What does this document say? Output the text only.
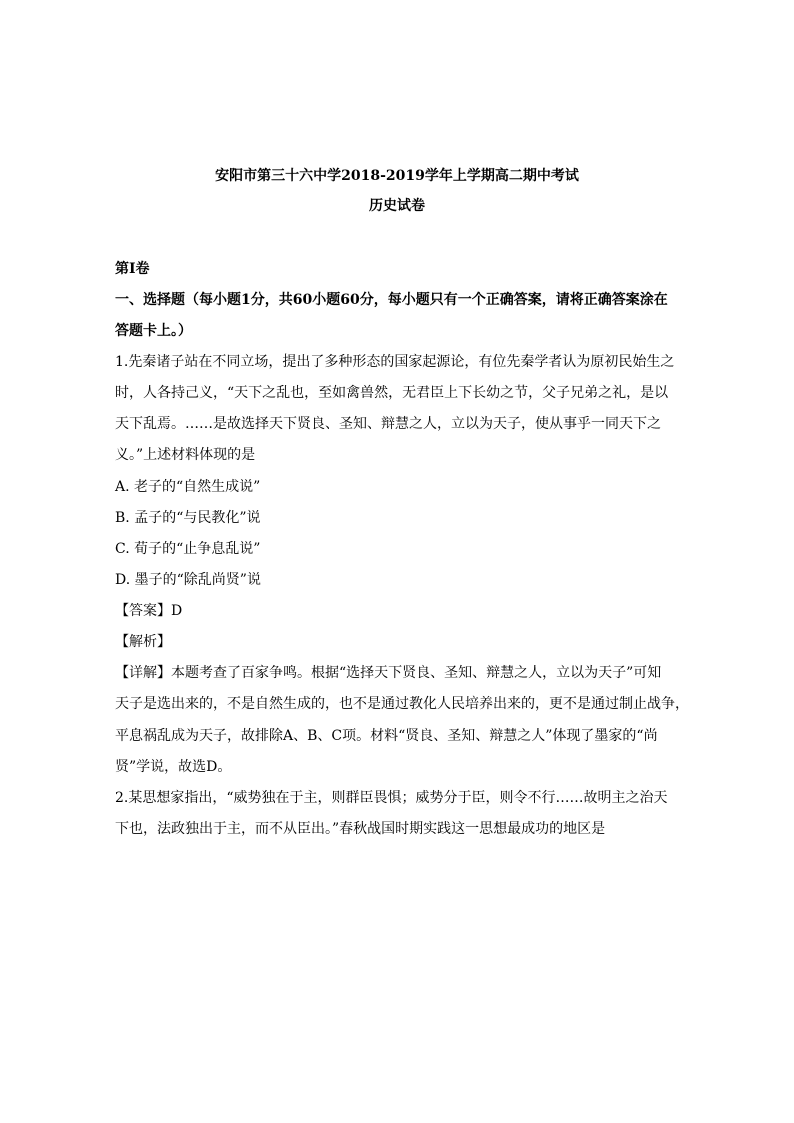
安阳市第三十六中学2018-2019学年上学期高二期中考试
历史试卷
第I卷
一、选择题（每小题1分，共60小题60分，每小题只有一个正确答案，请将正确答案涂在
答题卡上。）
1.先秦诸子站在不同立场，提出了多种形态的国家起源论，有位先秦学者认为原初民始生之
时，人各持己义，“天下之乱也，至如禽兽然，无君臣上下长幼之节，父子兄弟之礼，是以
天下乱焉。……是故选择天下贤良、圣知、辩慧之人，立以为天子，使从事乎一同天下之
义。”上述材料体现的是
A. 老子的“自然生成说”
B. 孟子的“与民教化”说
C. 荀子的“止争息乱说”
D. 墨子的“除乱尚贤”说
【答案】D
【解析】
【详解】本题考查了百家争鸣。根据“选择天下贤良、圣知、辩慧之人，立以为天子”可知
天子是选出来的，不是自然生成的，也不是通过教化人民培养出来的，更不是通过制止战争，
平息祸乱成为天子，故排除A、B、C项。材料“贤良、圣知、辩慧之人”体现了墨家的“尚
贤”学说，故选D。
2.某思想家指出，“威势独在于主，则群臣畏惧；威势分于臣，则令不行……故明主之治天
下也，法政独出于主，而不从臣出。”春秋战国时期实践这一思想最成功的地区是
